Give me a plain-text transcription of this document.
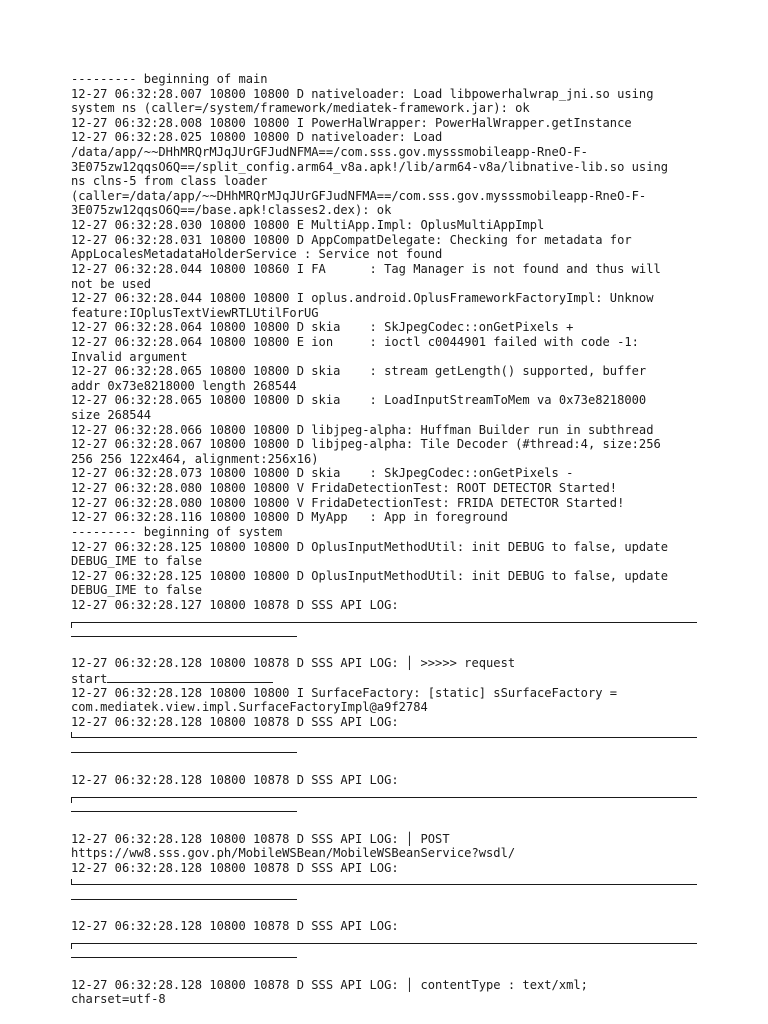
--------- beginning of main
12-27 06:32:28.007 10800 10800 D nativeloader: Load libpowerhalwrap_jni.so using
system ns (caller=/system/framework/mediatek-framework.jar): ok
12-27 06:32:28.008 10800 10800 I PowerHalWrapper: PowerHalWrapper.getInstance
12-27 06:32:28.025 10800 10800 D nativeloader: Load
/data/app/~~DHhMRQrMJqJUrGFJudNFMA==/com.sss.gov.mysssmobileapp-RneO-F-
3E075zw12qqsO6Q==/split_config.arm64_v8a.apk!/lib/arm64-v8a/libnative-lib.so using
ns clns-5 from class loader
(caller=/data/app/~~DHhMRQrMJqJUrGFJudNFMA==/com.sss.gov.mysssmobileapp-RneO-F-
3E075zw12qqsO6Q==/base.apk!classes2.dex): ok
12-27 06:32:28.030 10800 10800 E MultiApp.Impl: OplusMultiAppImpl
12-27 06:32:28.031 10800 10800 D AppCompatDelegate: Checking for metadata for
AppLocalesMetadataHolderService : Service not found
12-27 06:32:28.044 10800 10860 I FA      : Tag Manager is not found and thus will
not be used
12-27 06:32:28.044 10800 10800 I oplus.android.OplusFrameworkFactoryImpl: Unknow
feature:IOplusTextViewRTLUtilForUG
12-27 06:32:28.064 10800 10800 D skia    : SkJpegCodec::onGetPixels +
12-27 06:32:28.064 10800 10800 E ion     : ioctl c0044901 failed with code -1:
Invalid argument
12-27 06:32:28.065 10800 10800 D skia    : stream getLength() supported, buffer
addr 0x73e8218000 length 268544
12-27 06:32:28.065 10800 10800 D skia    : LoadInputStreamToMem va 0x73e8218000
size 268544
12-27 06:32:28.066 10800 10800 D libjpeg-alpha: Huffman Builder run in subthread
12-27 06:32:28.067 10800 10800 D libjpeg-alpha: Tile Decoder (#thread:4, size:256
256 256 122x464, alignment:256x16)
12-27 06:32:28.073 10800 10800 D skia    : SkJpegCodec::onGetPixels -
12-27 06:32:28.080 10800 10800 V FridaDetectionTest: ROOT DETECTOR Started!
12-27 06:32:28.080 10800 10800 V FridaDetectionTest: FRIDA DETECTOR Started!
12-27 06:32:28.116 10800 10800 D MyApp   : App in foreground
--------- beginning of system
12-27 06:32:28.125 10800 10800 D OplusInputMethodUtil: init DEBUG to false, update
DEBUG_IME to false
12-27 06:32:28.125 10800 10800 D OplusInputMethodUtil: init DEBUG to false, update
DEBUG_IME to false
12-27 06:32:28.127 10800 10878 D SSS API LOG:
12-27 06:32:28.128 10800 10878 D SSS API LOG: │ >>>>> request
start
12-27 06:32:28.128 10800 10800 I SurfaceFactory: [static] sSurfaceFactory =
com.mediatek.view.impl.SurfaceFactoryImpl@a9f2784
12-27 06:32:28.128 10800 10878 D SSS API LOG:
12-27 06:32:28.128 10800 10878 D SSS API LOG:
12-27 06:32:28.128 10800 10878 D SSS API LOG: │ POST
https://ww8.sss.gov.ph/MobileWSBean/MobileWSBeanService?wsdl/
12-27 06:32:28.128 10800 10878 D SSS API LOG:
12-27 06:32:28.128 10800 10878 D SSS API LOG:
12-27 06:32:28.128 10800 10878 D SSS API LOG: │ contentType : text/xml;
charset=utf-8
